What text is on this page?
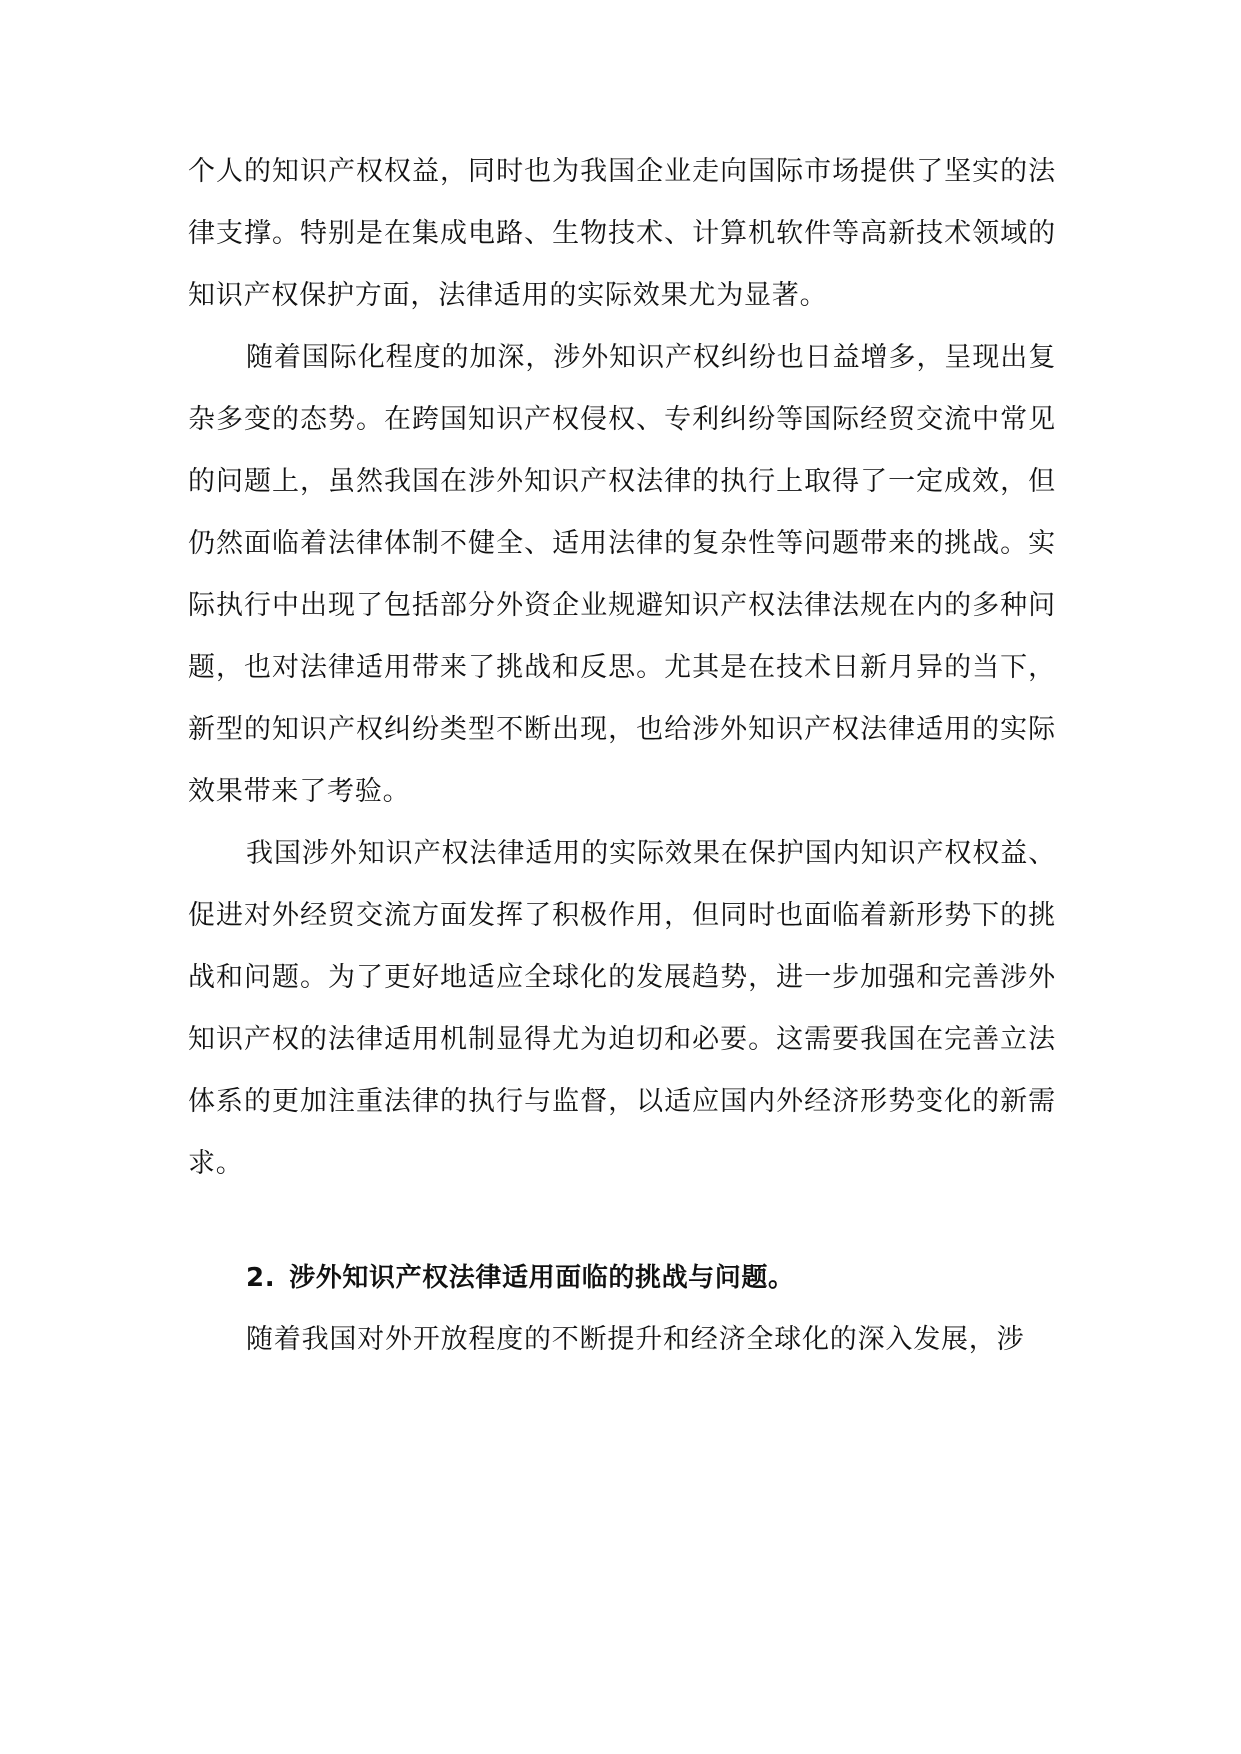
个人的知识产权权益，同时也为我国企业走向国际市场提供了坚实的法律支撑。特别是在集成电路、生物技术、计算机软件等高新技术领域的知识产权保护方面，法律适用的实际效果尤为显著。

随着国际化程度的加深，涉外知识产权纠纷也日益增多，呈现出复杂多变的态势。在跨国知识产权侵权、专利纠纷等国际经贸交流中常见的问题上，虽然我国在涉外知识产权法律的执行上取得了一定成效，但仍然面临着法律体制不健全、适用法律的复杂性等问题带来的挑战。实际执行中出现了包括部分外资企业规避知识产权法律法规在内的多种问题，也对法律适用带来了挑战和反思。尤其是在技术日新月异的当下，新型的知识产权纠纷类型不断出现，也给涉外知识产权法律适用的实际效果带来了考验。

我国涉外知识产权法律适用的实际效果在保护国内知识产权权益、促进对外经贸交流方面发挥了积极作用，但同时也面临着新形势下的挑战和问题。为了更好地适应全球化的发展趋势，进一步加强和完善涉外知识产权的法律适用机制显得尤为迫切和必要。这需要我国在完善立法体系的更加注重法律的执行与监督，以适应国内外经济形势变化的新需求。

2. 涉外知识产权法律适用面临的挑战与问题。

随着我国对外开放程度的不断提升和经济全球化的深入发展，涉
